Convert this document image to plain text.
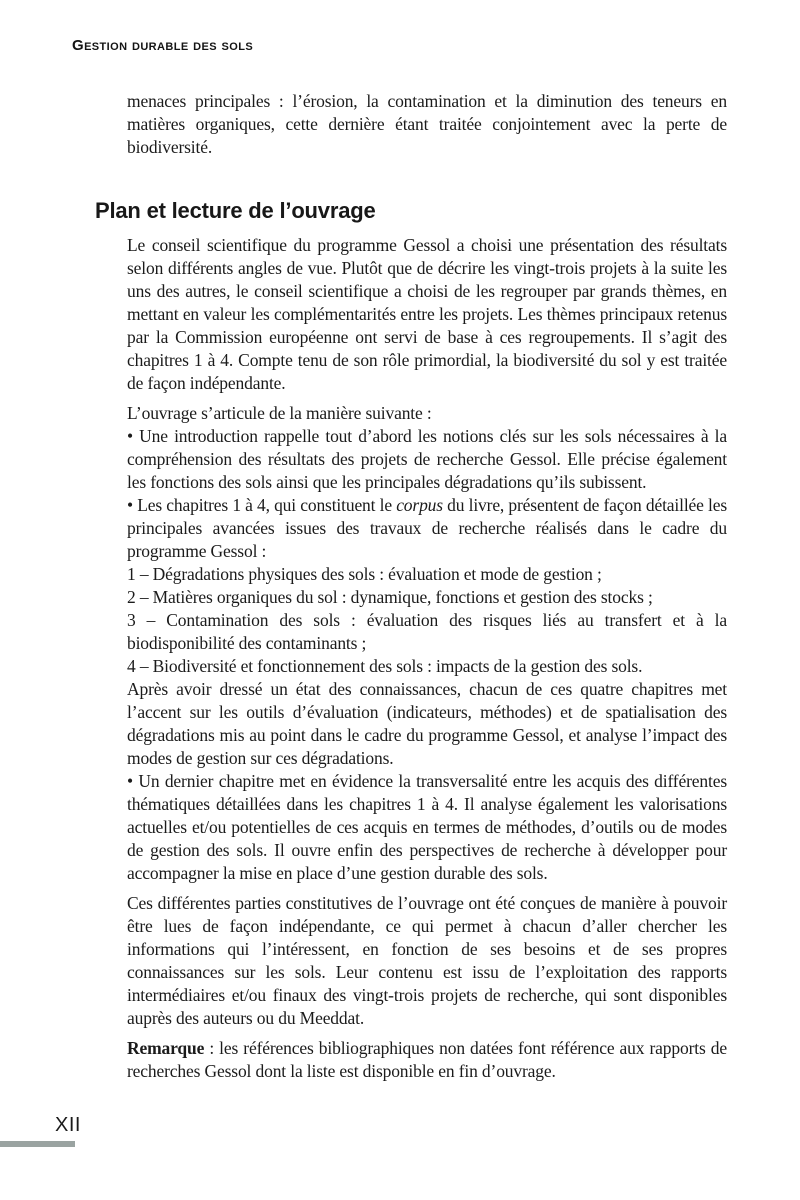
Gestion durable des sols

menaces principales : l’érosion, la contamination et la diminution des teneurs en matières organiques, cette dernière étant traitée conjointement avec la perte de biodiversité.

Plan et lecture de l’ouvrage

Le conseil scientifique du programme Gessol a choisi une présentation des résultats selon différents angles de vue. Plutôt que de décrire les vingt-trois projets à la suite les uns des autres, le conseil scientifique a choisi de les regrouper par grands thèmes, en mettant en valeur les complémentarités entre les projets. Les thèmes principaux retenus par la Commission européenne ont servi de base à ces regroupements. Il s’agit des chapitres 1 à 4. Compte tenu de son rôle primordial, la biodiversité du sol y est traitée de façon indépendante.

L’ouvrage s’articule de la manière suivante :

• Une introduction rappelle tout d’abord les notions clés sur les sols nécessaires à la compréhension des résultats des projets de recherche Gessol. Elle précise également les fonctions des sols ainsi que les principales dégradations qu’ils subissent.

• Les chapitres 1 à 4, qui constituent le corpus du livre, présentent de façon détaillée les principales avancées issues des travaux de recherche réalisés dans le cadre du programme Gessol :

1 – Dégradations physiques des sols : évaluation et mode de gestion ;

2 – Matières organiques du sol : dynamique, fonctions et gestion des stocks ;

3 – Contamination des sols : évaluation des risques liés au transfert et à la biodisponibilité des contaminants ;

4 – Biodiversité et fonctionnement des sols : impacts de la gestion des sols.

Après avoir dressé un état des connaissances, chacun de ces quatre chapitres met l’accent sur les outils d’évaluation (indicateurs, méthodes) et de spatialisation des dégradations mis au point dans le cadre du programme Gessol, et analyse l’impact des modes de gestion sur ces dégradations.

• Un dernier chapitre met en évidence la transversalité entre les acquis des différentes thématiques détaillées dans les chapitres 1 à 4. Il analyse également les valorisations actuelles et/ou potentielles de ces acquis en termes de méthodes, d’outils ou de modes de gestion des sols. Il ouvre enfin des perspectives de recherche à développer pour accompagner la mise en place d’une gestion durable des sols.

Ces différentes parties constitutives de l’ouvrage ont été conçues de manière à pouvoir être lues de façon indépendante, ce qui permet à chacun d’aller chercher les informations qui l’intéressent, en fonction de ses besoins et de ses propres connaissances sur les sols. Leur contenu est issu de l’exploitation des rapports intermédiaires et/ou finaux des vingt-trois projets de recherche, qui sont disponibles auprès des auteurs ou du Meeddat.

Remarque : les références bibliographiques non datées font référence aux rapports de recherches Gessol dont la liste est disponible en fin d’ouvrage.

XII
